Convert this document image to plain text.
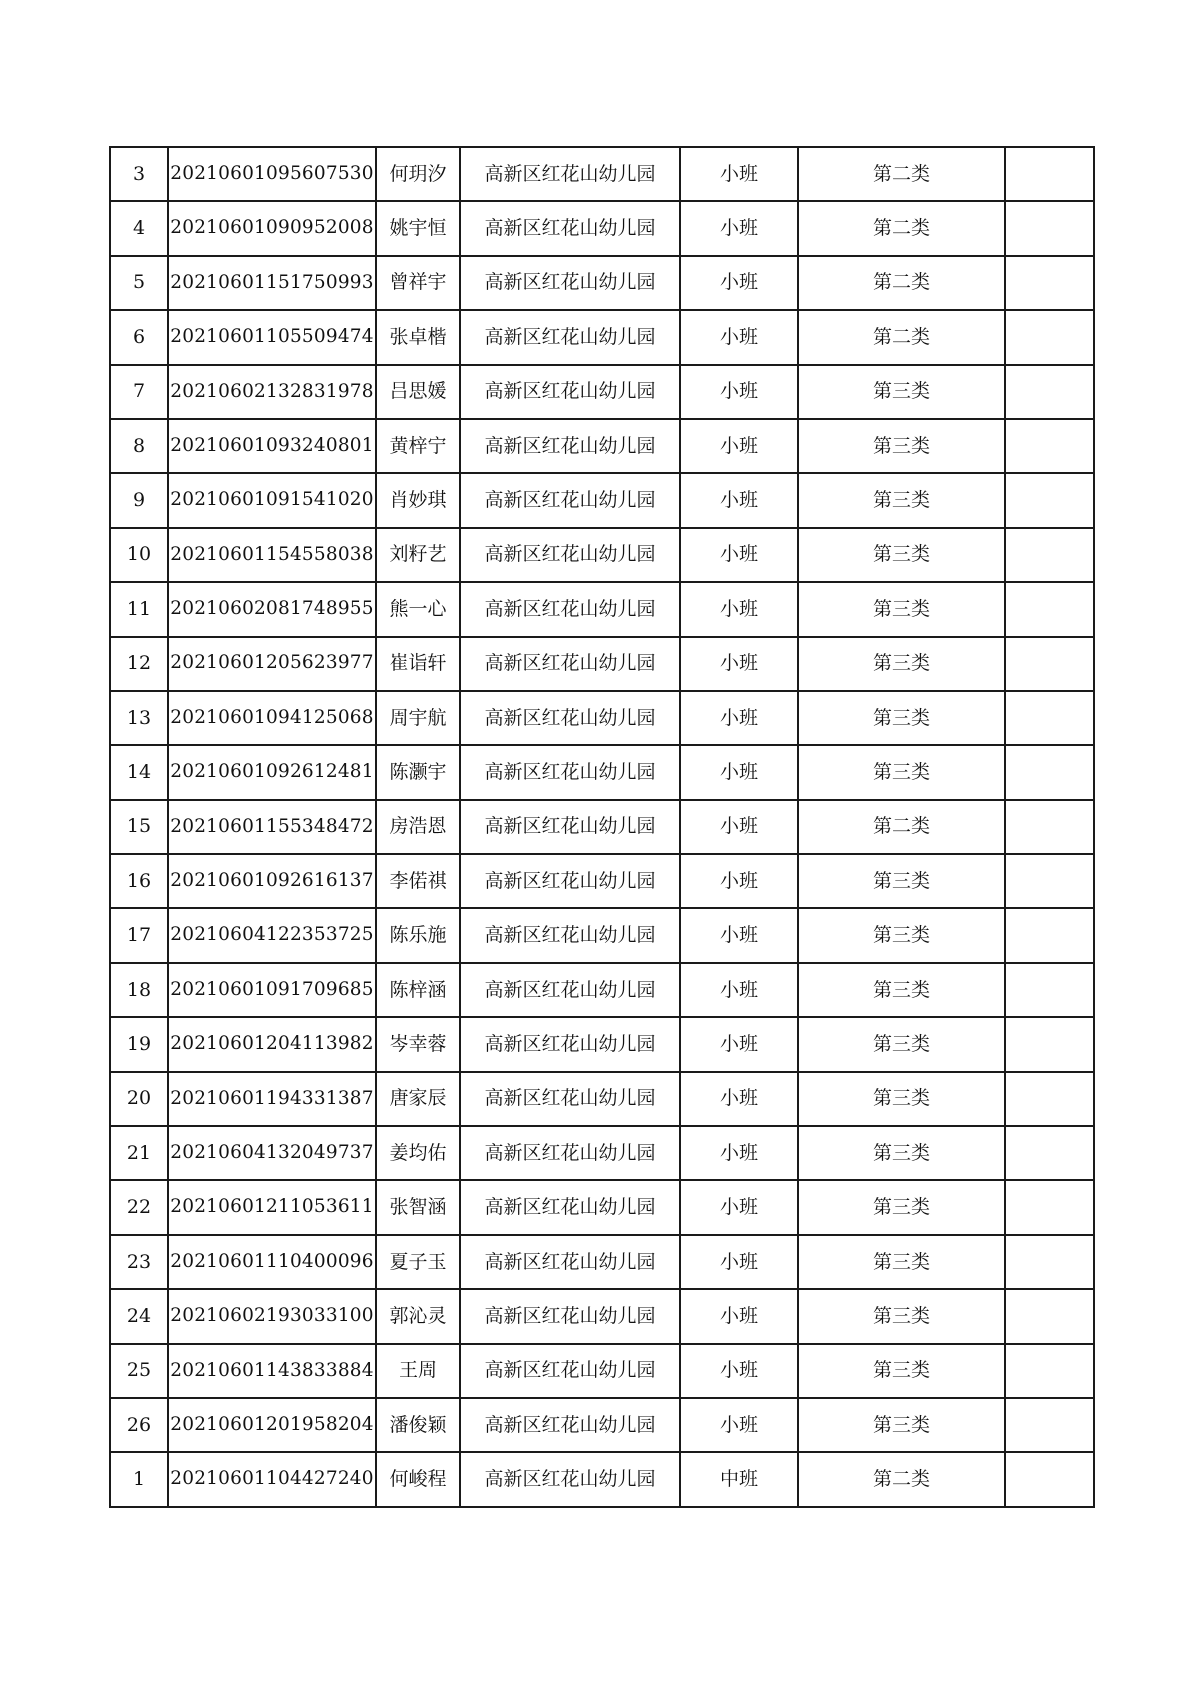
3	20210601095607530	何玥汐	高新区红花山幼儿园	小班	第二类	
4	20210601090952008	姚宇恒	高新区红花山幼儿园	小班	第二类	
5	20210601151750993	曾祥宇	高新区红花山幼儿园	小班	第二类	
6	20210601105509474	张卓楷	高新区红花山幼儿园	小班	第二类	
7	20210602132831978	吕思媛	高新区红花山幼儿园	小班	第三类	
8	20210601093240801	黄梓宁	高新区红花山幼儿园	小班	第三类	
9	20210601091541020	肖妙琪	高新区红花山幼儿园	小班	第三类	
10	20210601154558038	刘籽艺	高新区红花山幼儿园	小班	第三类	
11	20210602081748955	熊一心	高新区红花山幼儿园	小班	第三类	
12	20210601205623977	崔诣轩	高新区红花山幼儿园	小班	第三类	
13	20210601094125068	周宇航	高新区红花山幼儿园	小班	第三类	
14	20210601092612481	陈灏宇	高新区红花山幼儿园	小班	第三类	
15	20210601155348472	房浩恩	高新区红花山幼儿园	小班	第二类	
16	20210601092616137	李偌祺	高新区红花山幼儿园	小班	第三类	
17	20210604122353725	陈乐施	高新区红花山幼儿园	小班	第三类	
18	20210601091709685	陈梓涵	高新区红花山幼儿园	小班	第三类	
19	20210601204113982	岑幸蓉	高新区红花山幼儿园	小班	第三类	
20	20210601194331387	唐家辰	高新区红花山幼儿园	小班	第三类	
21	20210604132049737	姜均佑	高新区红花山幼儿园	小班	第三类	
22	20210601211053611	张智涵	高新区红花山幼儿园	小班	第三类	
23	20210601110400096	夏子玉	高新区红花山幼儿园	小班	第三类	
24	20210602193033100	郭沁灵	高新区红花山幼儿园	小班	第三类	
25	20210601143833884	王周	高新区红花山幼儿园	小班	第三类	
26	20210601201958204	潘俊颖	高新区红花山幼儿园	小班	第三类	
1	20210601104427240	何峻程	高新区红花山幼儿园	中班	第二类	
